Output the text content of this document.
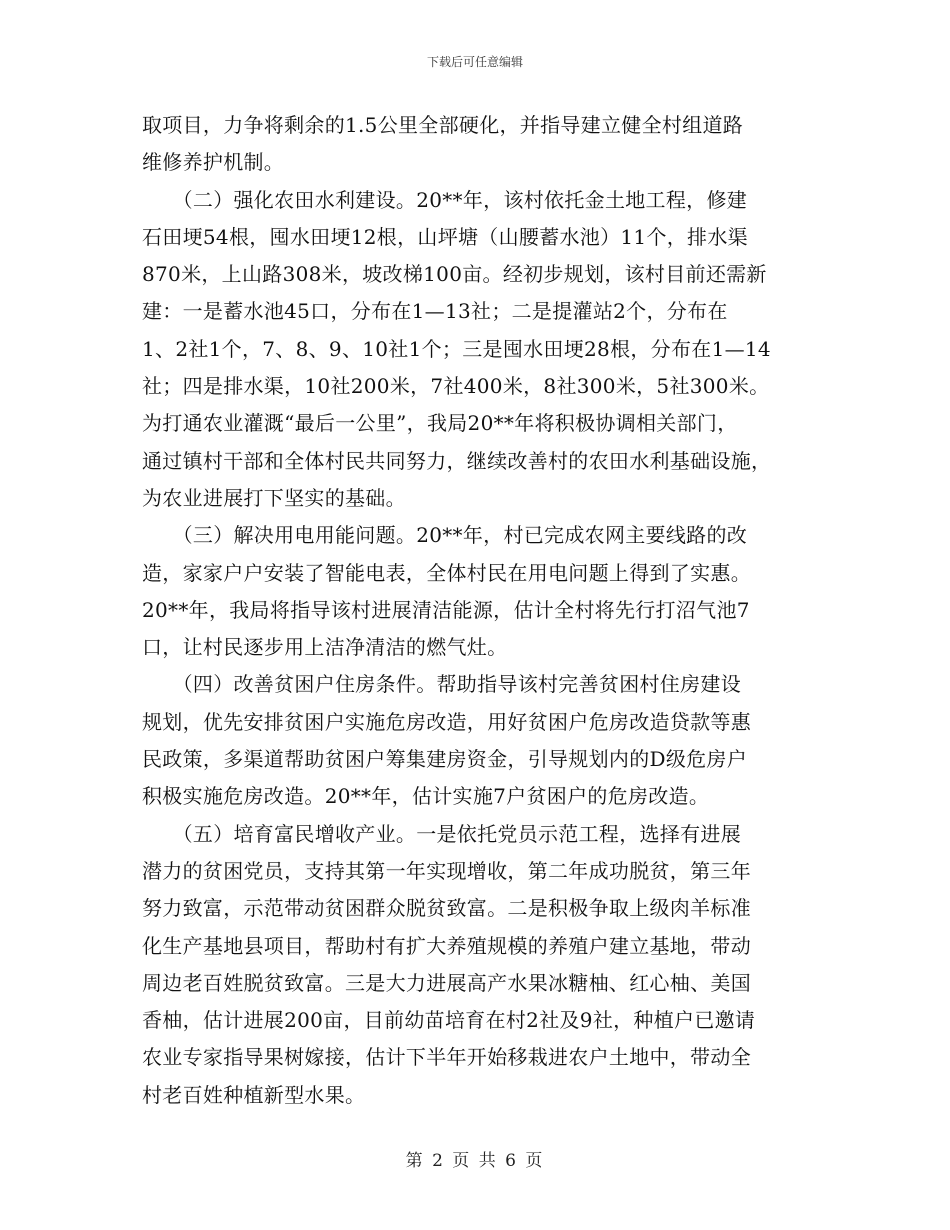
下载后可任意编辑
取项目，力争将剩余的1.5公里全部硬化，并指导建立健全村组道路
维修养护机制。
　　（二）强化农田水利建设。20**年，该村依托金土地工程，修建
石田埂54根，囤水田埂12根，山坪塘（山腰蓄水池）11个，排水渠
870米，上山路308米，坡改梯100亩。经初步规划，该村目前还需新
建：一是蓄水池45口，分布在1—13社；二是提灌站2个，分布在
1、2社1个，7、8、9、10社1个；三是囤水田埂28根，分布在1—14
社；四是排水渠，10社200米，7社400米，8社300米，5社300米。
为打通农业灌溉“最后一公里”，我局20**年将积极协调相关部门，
通过镇村干部和全体村民共同努力，继续改善村的农田水利基础设施，
为农业进展打下坚实的基础。
　　（三）解决用电用能问题。20**年，村已完成农网主要线路的改
造，家家户户安装了智能电表，全体村民在用电问题上得到了实惠。
20**年，我局将指导该村进展清洁能源，估计全村将先行打沼气池7
口，让村民逐步用上洁净清洁的燃气灶。
　　（四）改善贫困户住房条件。帮助指导该村完善贫困村住房建设
规划，优先安排贫困户实施危房改造，用好贫困户危房改造贷款等惠
民政策，多渠道帮助贫困户筹集建房资金，引导规划内的D级危房户
积极实施危房改造。20**年，估计实施7户贫困户的危房改造。
　　（五）培育富民增收产业。一是依托党员示范工程，选择有进展
潜力的贫困党员，支持其第一年实现增收，第二年成功脱贫，第三年
努力致富，示范带动贫困群众脱贫致富。二是积极争取上级肉羊标准
化生产基地县项目，帮助村有扩大养殖规模的养殖户建立基地，带动
周边老百姓脱贫致富。三是大力进展高产水果冰糖柚、红心柚、美国
香柚，估计进展200亩，目前幼苗培育在村2社及9社，种植户已邀请
农业专家指导果树嫁接，估计下半年开始移栽进农户土地中，带动全
村老百姓种植新型水果。
第 2 页 共 6 页
